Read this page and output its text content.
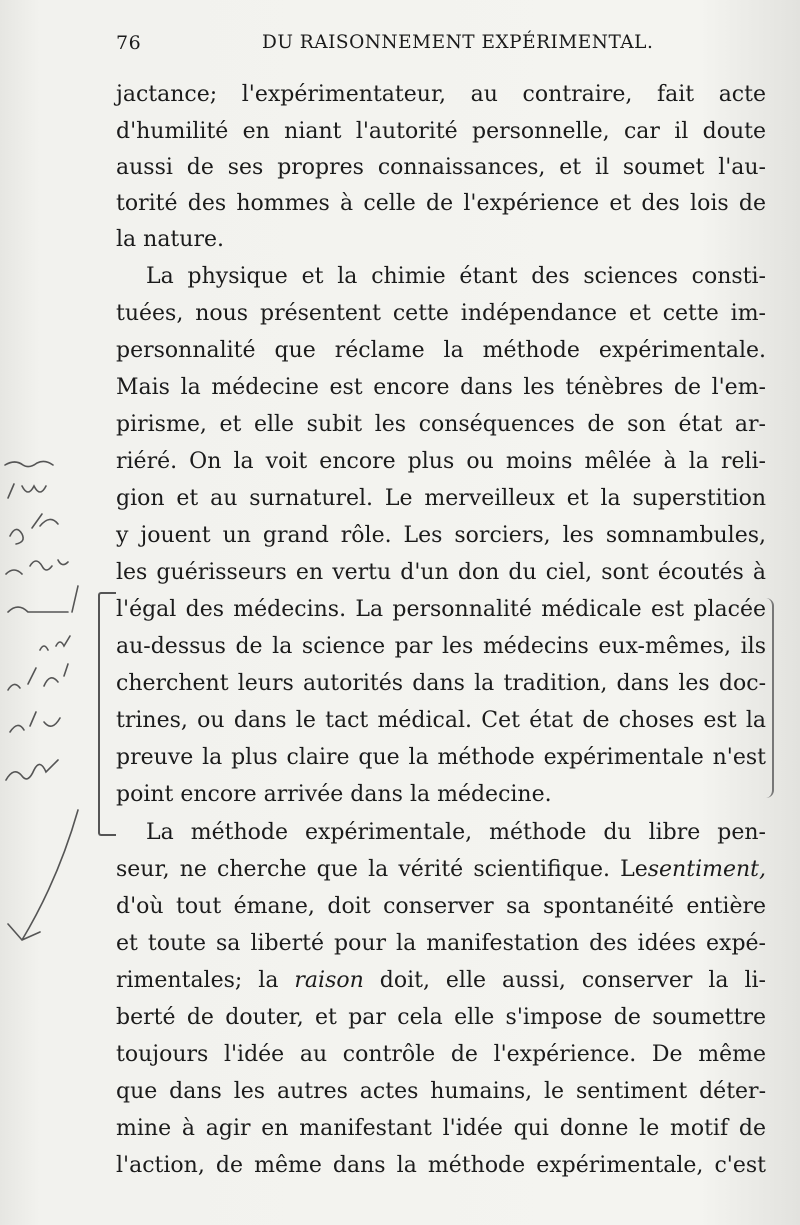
76	DU RAISONNEMENT EXPÉRIMENTAL.
jactance; l'expérimentateur, au contraire, fait acte
d'humilité en niant l'autorité personnelle, car il doute
aussi de ses propres connaissances, et il soumet l'au-
torité des hommes à celle de l'expérience et des lois de
la nature.
La physique et la chimie étant des sciences consti-
tuées, nous présentent cette indépendance et cette im-
personnalité que réclame la méthode expérimentale.
Mais la médecine est encore dans les ténèbres de l'em-
pirisme, et elle subit les conséquences de son état ar-
riéré. On la voit encore plus ou moins mêlée à la reli-
gion et au surnaturel. Le merveilleux et la superstition
y jouent un grand rôle. Les sorciers, les somnambules,
les guérisseurs en vertu d'un don du ciel, sont écoutés à
l'égal des médecins. La personnalité médicale est placée
au-dessus de la science par les médecins eux-mêmes, ils
cherchent leurs autorités dans la tradition, dans les doc-
trines, ou dans le tact médical. Cet état de choses est la
preuve la plus claire que la méthode expérimentale n'est
point encore arrivée dans la médecine.
La méthode expérimentale, méthode du libre pen-
seur, ne cherche que la vérité scientifique. Lesentiment,
d'où tout émane, doit conserver sa spontanéité entière
et toute sa liberté pour la manifestation des idées expé-
rimentales; la raison doit, elle aussi, conserver la li-
berté de douter, et par cela elle s'impose de soumettre
toujours l'idée au contrôle de l'expérience. De même
que dans les autres actes humains, le sentiment déter-
mine à agir en manifestant l'idée qui donne le motif de
l'action, de même dans la méthode expérimentale, c'est
